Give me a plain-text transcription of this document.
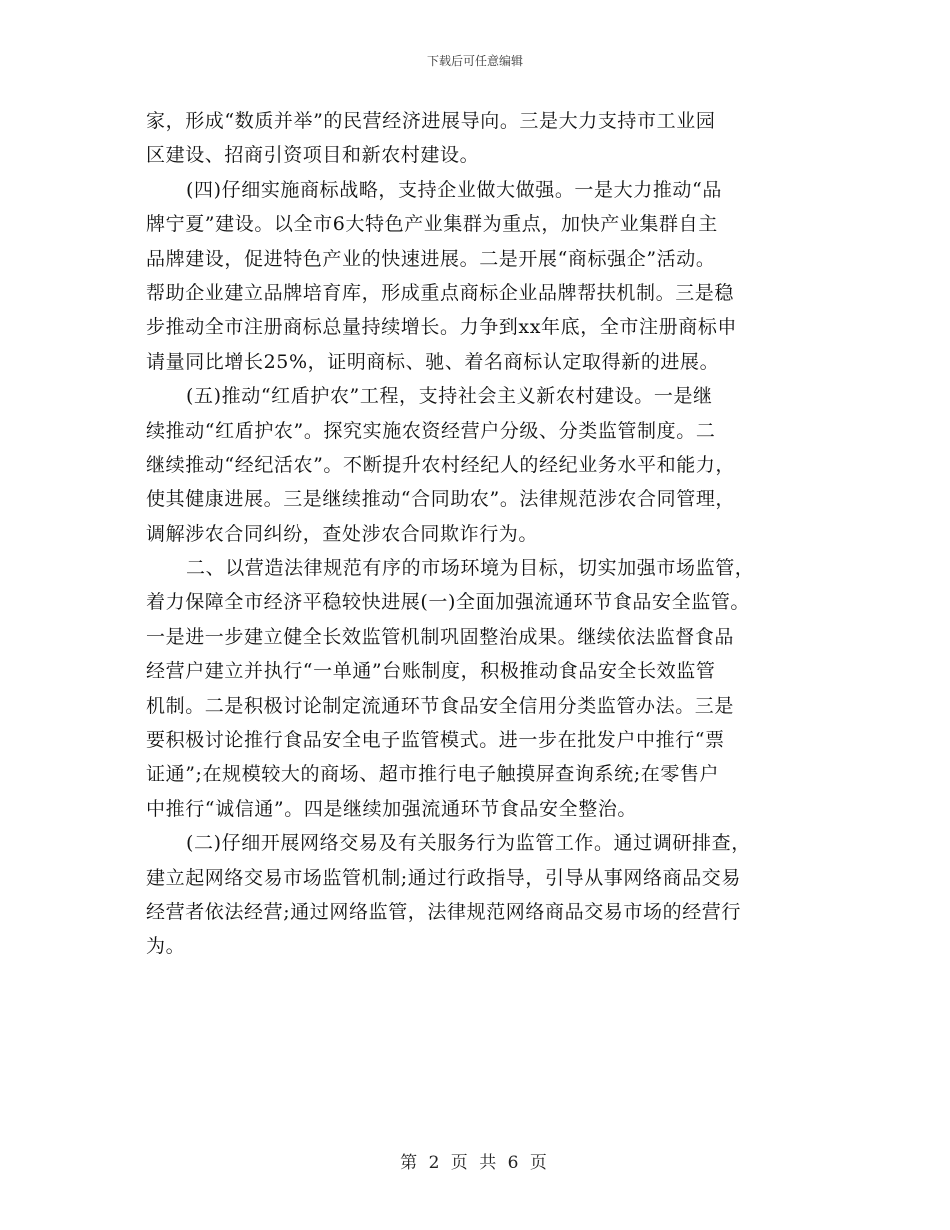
下载后可任意编辑
家，形成“数质并举”的民营经济进展导向。三是大力支持市工业园
区建设、招商引资项目和新农村建设。
(四)仔细实施商标战略，支持企业做大做强。一是大力推动“品
牌宁夏”建设。以全市6大特色产业集群为重点，加快产业集群自主
品牌建设，促进特色产业的快速进展。二是开展“商标强企”活动。
帮助企业建立品牌培育库，形成重点商标企业品牌帮扶机制。三是稳
步推动全市注册商标总量持续增长。力争到xx年底，全市注册商标申
请量同比增长25%，证明商标、驰、着名商标认定取得新的进展。
(五)推动“红盾护农”工程，支持社会主义新农村建设。一是继
续推动“红盾护农”。探究实施农资经营户分级、分类监管制度。二
继续推动“经纪活农”。不断提升农村经纪人的经纪业务水平和能力，
使其健康进展。三是继续推动“合同助农”。法律规范涉农合同管理，
调解涉农合同纠纷，查处涉农合同欺诈行为。
二、以营造法律规范有序的市场环境为目标，切实加强市场监管，
着力保障全市经济平稳较快进展(一)全面加强流通环节食品安全监管。
一是进一步建立健全长效监管机制巩固整治成果。继续依法监督食品
经营户建立并执行“一单通”台账制度，积极推动食品安全长效监管
机制。二是积极讨论制定流通环节食品安全信用分类监管办法。三是
要积极讨论推行食品安全电子监管模式。进一步在批发户中推行“票
证通”;在规模较大的商场、超市推行电子触摸屏查询系统;在零售户
中推行“诚信通”。四是继续加强流通环节食品安全整治。
(二)仔细开展网络交易及有关服务行为监管工作。通过调研排查，
建立起网络交易市场监管机制;通过行政指导，引导从事网络商品交易
经营者依法经营;通过网络监管，法律规范网络商品交易市场的经营行
为。
第 2 页 共 6 页
